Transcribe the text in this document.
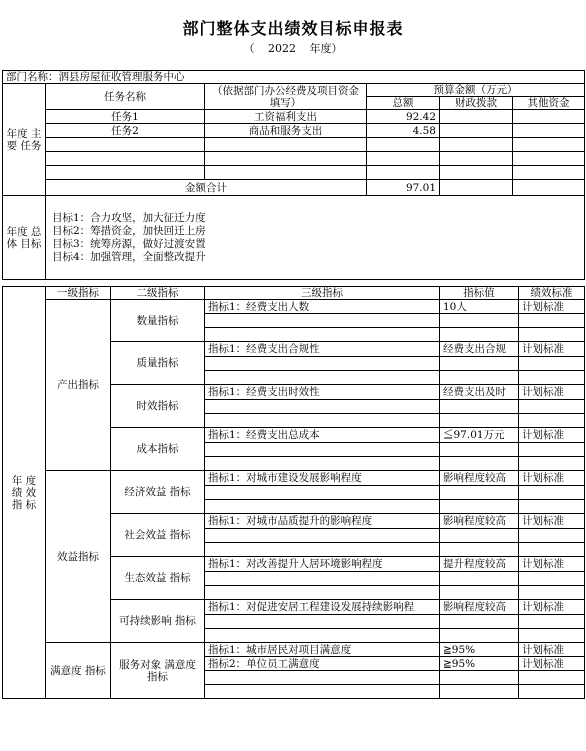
部门整体支出绩效目标申报表
（ 2022 年度）
部门名称：泗县房屋征收管理服务中心					
年度 主要 任务	任务名称	（依据部门办公经费及项目资金填写）	预算金额（万元）		
			总额	财政拨款	其他资金
	任务1	工资福利支出	92.42		
	任务2	商品和服务支出	4.58		

	金额合计		97.01		
年度 总体 目标	目标1：合力攻坚，加大征迁力度
目标2：筹措资金，加快回迁上房
目标3：统筹房源，做好过渡安置
目标4：加强管理，全面整改提升				
年 度 绩 效 指 标	一级指标	二级指标	三级指标	指标值	绩效标准
	产出指标	数量指标	指标1：经费支出人数	10人	计划标准

		质量指标	指标1：经费支出合规性	经费支出合规	计划标准

		时效指标	指标1：经费支出时效性	经费支出及时	计划标准

		成本指标	指标1：经费支出总成本	≦97.01万元	计划标准

	效益指标	经济效益 指标	指标1：对城市建设发展影响程度	影响程度较高	计划标准

		社会效益 指标	指标1：对城市品质提升的影响程度	影响程度较高	计划标准

		生态效益 指标	指标1：对改善提升人居环境影响程度	提升程度较高	计划标准

		可持续影响 指标	指标1：对促进安居工程建设发展持续影响程	影响程度较高	计划标准

	满意度 指标	服务对象 满意度指标	指标1：城市居民对项目满意度	≧95%	计划标准
			指标2：单位员工满意度	≧95%	计划标准
